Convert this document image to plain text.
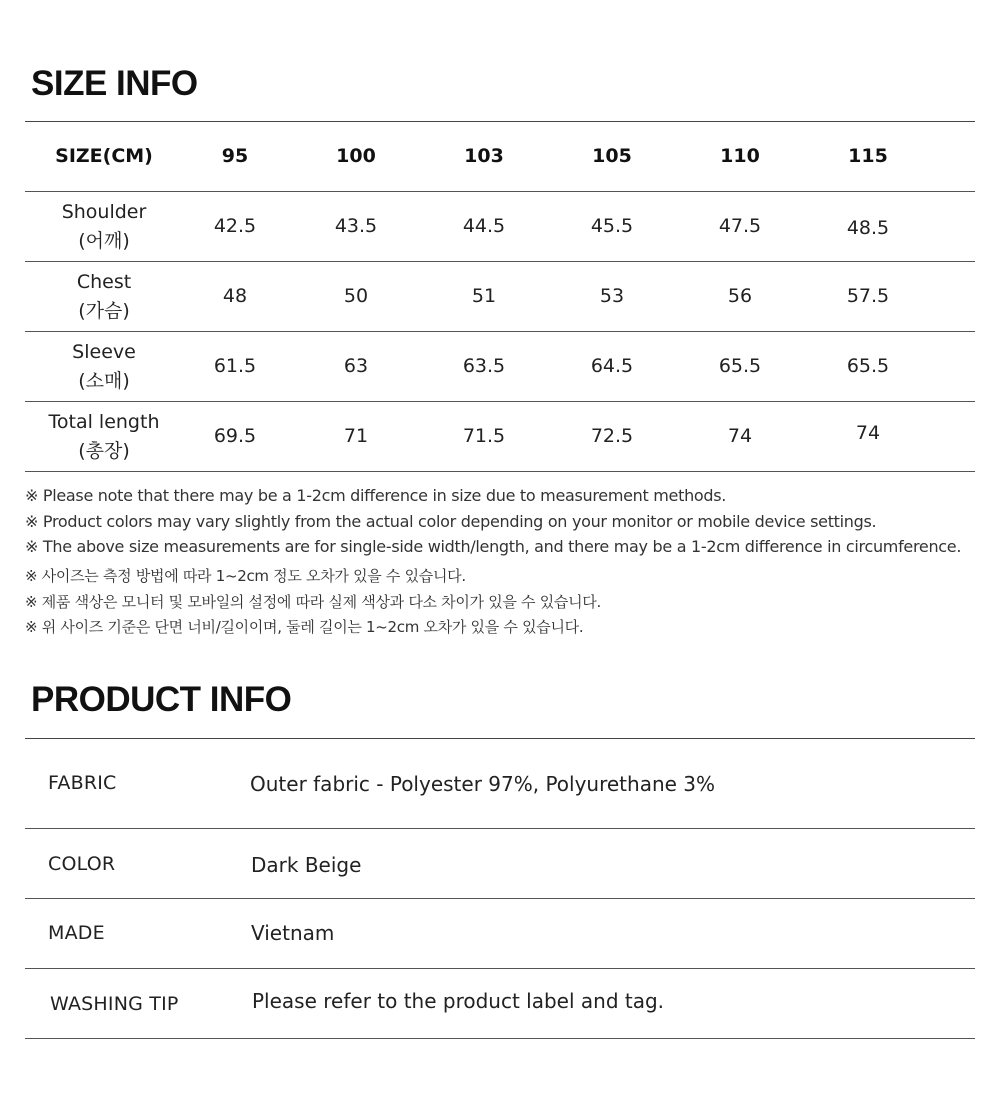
SIZE INFO
SIZE(CM)	95	100	103	105	110	115
Shoulder
(어깨)
42.5	43.5	44.5	45.5	47.5	48.5
Chest
(가슴)
48	50	51	53	56	57.5
Sleeve
(소매)
61.5	63	63.5	64.5	65.5	65.5
Total length
(총장)
69.5	71	71.5	72.5	74	74
※ Please note that there may be a 1-2cm difference in size due to measurement methods.
※ Product colors may vary slightly from the actual color depending on your monitor or mobile device settings.
※ The above size measurements are for single-side width/length, and there may be a 1-2cm difference in circumference.
※ 사이즈는 측정 방법에 따라 1~2cm 정도 오차가 있을 수 있습니다.
※ 제품 색상은 모니터 및 모바일의 설정에 따라 실제 색상과 다소 차이가 있을 수 있습니다.
※ 위 사이즈 기준은 단면 너비/길이이며, 둘레 길이는 1~2cm 오차가 있을 수 있습니다.
PRODUCT INFO
FABRIC	Outer fabric - Polyester 97%, Polyurethane 3%
COLOR	Dark Beige
MADE	Vietnam
WASHING TIP	Please refer to the product label and tag.
